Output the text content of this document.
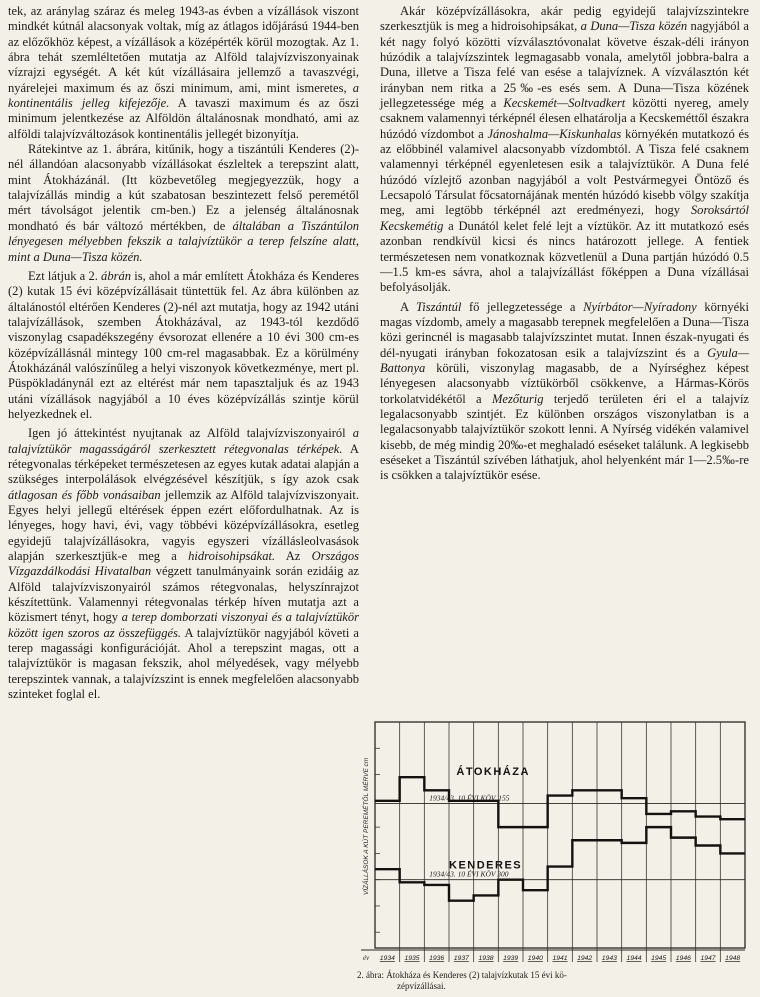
tek, az aránylag száraz és meleg 1943-as évben a vízállások viszont mindkét kútnál alacsonyak voltak, míg az átlagos időjárású 1944-ben az előzőkhöz képest, a vízállások a középérték körül mozogtak. Az 1. ábra tehát szemléltetően mutatja az Alföld talajvízviszonyainak vízrajzi egységét. A két kút vízállásaira jellemző a tavaszvégi, nyárelejei maximum és az őszi minimum, ami, mint ismeretes, a kontinentális jelleg kifejezője. A tavaszi maximum és az őszi minimum jelentkezése az Alföldön általánosnak mondható, ami az alföldi talajvízváltozások kontinentális jellegét bizonyítja.

Rátekintve az 1. ábrára, kitűnik, hogy a tiszántúli Kenderes (2)-nél állandóan alacsonyabb vízállásokat észleltek a terepszint alatt, mint Átokházánál. (Itt közbevetőleg megjegyezzük, hogy a talajvízállás mindig a kút szabatosan beszintezett felső peremétől mért távolságot jelentik cm-ben.) Ez a jelenség általánosnak mondható és bár változó mértékben, de általában a Tiszántúlon lényegesen mélyebben fekszik a talajvíztükör a terep felszíne alatt, mint a Duna—Tisza közén.

Ezt látjuk a 2. ábrán is, ahol a már említett Átokháza és Kenderes (2) kutak 15 évi középvízállásait tüntettük fel. Az ábra különben az általánostól eltérően Kenderes (2)-nél azt mutatja, hogy az 1942 utáni talajvízállások, szemben Átokházával, az 1943-tól kezdődő viszonylag csapadékszegény évsorozat ellenére a 10 évi 300 cm-es középvízállásnál mintegy 100 cm-rel magasabbak. Ez a körülmény Átokházánál valószínűleg a helyi viszonyok következménye, mert pl. Püspökladánynál ezt az eltérést már nem tapasztaljuk és az 1943 utáni vízállások nagyjából a 10 éves középvízállás szintje körül helyezkednek el.

Igen jó áttekintést nyujtanak az Alföld talajvízviszonyairól a talajvíztükör magasságáról szerkesztett rétegvonalas térképek. A rétegvonalas térképeket természetesen az egyes kutak adatai alapján a szükséges interpolálások elvégzésével készítjük, s így azok csak átlagosan és főbb vonásaiban jellemzik az Alföld talajvízviszonyait. Egyes helyi jellegű eltérések éppen ezért előfordulhatnak. Az is lényeges, hogy havi, évi, vagy többévi középvízállásokra, esetleg egyidejű talajvízállásokra, vagyis egyszeri vízállásleolvasások alapján szerkesztjük-e meg a hidroisohipsákat. Az Országos Vízgazdálkodási Hivatalban végzett tanulmányaink során ezidáig az Alföld talajvízviszonyairól számos rétegvonalas, helyszínrajzot készítettünk. Valamennyi rétegvonalas térkép híven mutatja azt a közismert tényt, hogy a terep domborzati viszonyai és a talajvíztükör között igen szoros az összefüggés. A talajvíztükör nagyjából követi a terep magassági konfigurációját. Ahol a terepszint magas, ott a talajvíztükör is magasan fekszik, ahol mélyedések, vagy mélyebb terepszintek vannak, a talajvízszint is ennek megfelelően alacsonyabb szinteket foglal el.

Akár középvízállásokra, akár pedig egyidejű talajvízszintekre szerkesztjük is meg a hidroisohipsákat, a Duna—Tisza közén nagyjából a két nagy folyó közötti vízválasztóvonalat követve észak-déli irányon húzódik a talajvízszintek legmagasabb vonala, amelytől jobbra-balra a Duna, illetve a Tisza felé van esése a talajvíznek. A vízválasztón két irányban nem ritka a 25‰-es esés sem. A Duna—Tisza közének jellegzetessége még a Kecskemét—Soltvadkert közötti nyereg, amely csaknem valamennyi térképnél élesen elhatárolja a Kecskeméttől északra húzódó vízdombot a Jánoshalma—Kiskunhalas környékén mutatkozó és az előbbinél valamivel alacsonyabb vízdombtól. A Tisza felé csaknem valamennyi térképnél egyenletesen esik a talajvíztükör. A Duna felé húzódó vízlejtő azonban nagyjából a volt Pestvármegyei Öntöző és Lecsapoló Társulat főcsatornájának mentén húzódó kisebb völgy szakítja meg, ami legtöbb térképnél azt eredményezi, hogy Soroksártól Kecskemétig a Dunától kelet felé lejt a víztükör. Az itt mutatkozó esés azonban rendkívül kicsi és nincs határozott jellege. A fentiek természetesen nem vonatkoznak közvetlenül a Duna partján húzódó 0.5—1.5 km-es sávra, ahol a talajvízállást főképpen a Duna vízállásai befolyásolják.

A Tiszántúl fő jellegzetessége a Nyírbátor—Nyíradony környéki magas vízdomb, amely a magasabb terepnek megfelelően a Duna—Tisza közi gerincnél is magasabb talajvízszintet mutat. Innen észak-nyugati és dél-nyugati irányban fokozatosan esik a talajvízszint és a Gyula—Battonya körüli, viszonylag magasabb, de a Nyírséghez képest lényegesen alacsonyabb víztükörből csökkenve, a Hármas-Körös torkolatvidékétől a Mezőturig terjedő területen éri el a talajvíz legalacsonyabb szintjét. Ez különben országos viszonylatban is a legalacsonyabb talajvíztükör szokott lenni. A Nyírség vidékén valamivel kisebb, de még mindig 20‰-et meghaladó eséseket találunk. A legkisebb eséseket a Tiszántúl szívében láthatjuk, ahol helyenként már 1—2.5‰-re is csökken a talajvíztükör esése.

1934/43. 10 ÉVI KÖV. 155
1934/43. 10 ÉVI KÖV 300
ÁTOKHÁZA
KENDERES
VÍZÁLLÁSOK A KÚT PEREMÉTŐL MÉRVE cm
év 1934 1935 1936 1937 1938 1939 1940 1941 1942 1943 1944 1945 1946 1947 1948
2. ábra: Átokháza és Kenderes (2) talajvízkutak 15 évi kö-
zépvízállásai.
